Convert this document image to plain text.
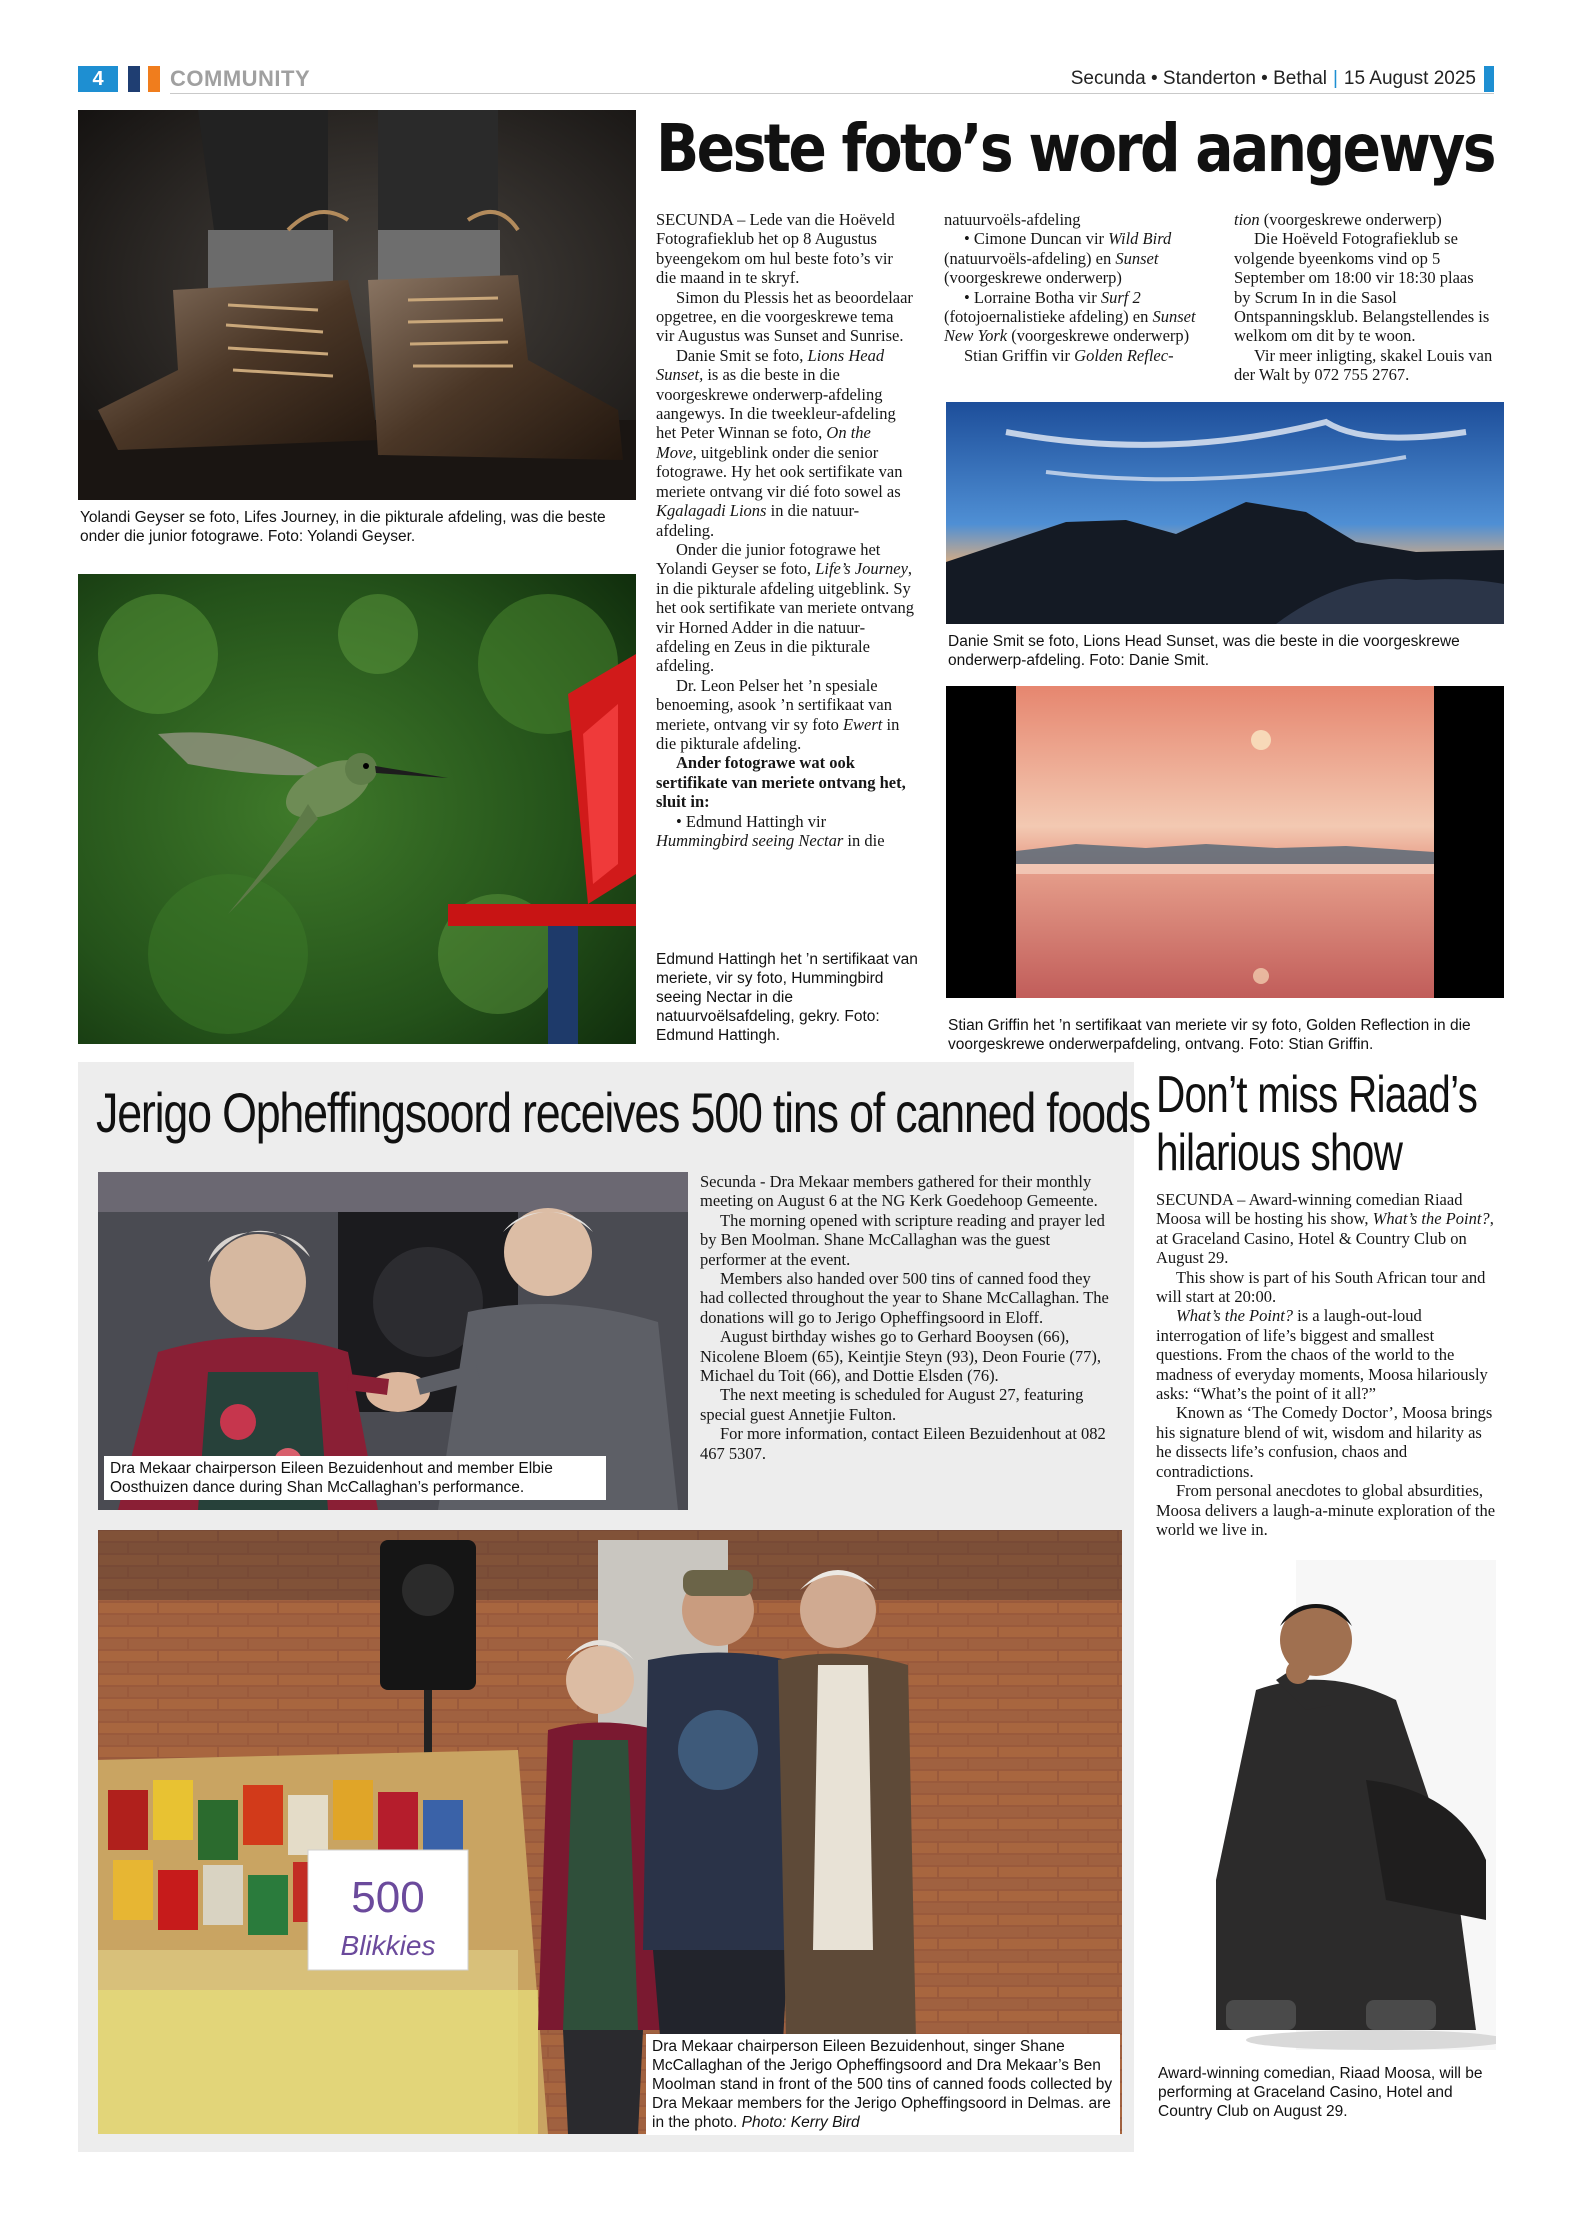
4	COMMUNITY	Secunda • Standerton • Bethal | 15 August 2025
Yolandi Geyser se foto, Lifes Journey, in die pikturale afdeling, was die beste onder die junior fotograwe. Foto: Yolandi Geyser.
Beste foto’s word aangewys

SECUNDA – Lede van die Hoëveld Fotografieklub het op 8 Augustus byeengekom om hul beste foto’s vir die maand in te skryf.

Simon du Plessis het as beoordelaar opgetree, en die voorgeskrewe tema vir Augustus was Sunset and Sunrise.

Danie Smit se foto, Lions Head Sunset, is as die beste in die voorgeskrewe onderwerp-afdeling aangewys. In die tweekleur-afdeling het Peter Winnan se foto, On the Move, uitgeblink onder die senior fotograwe. Hy het ook sertifikate van meriete ontvang vir dié foto sowel as Kgalagadi Lions in die natuur-afdeling.

Onder die junior fotograwe het Yolandi Geyser se foto, Life’s Journey, in die pikturale afdeling uitgeblink. Sy het ook sertifikate van meriete ontvang vir Horned Adder in die natuur-afdeling en Zeus in die pikturale afdeling.

Dr. Leon Pelser het ’n spesiale benoeming, asook ’n sertifikaat van meriete, ontvang vir sy foto Ewert in die pikturale afdeling.

Ander fotograwe wat ook sertifikate van meriete ontvang het, sluit in:

• Edmund Hattingh vir Hummingbird seeing Nectar in die

Edmund Hattingh het ’n sertifikaat van meriete, vir sy foto, Hummingbird seeing Nectar in die natuurvoëlsafdeling, gekry. Foto: Edmund Hattingh.

natuurvoëls-afdeling

• Cimone Duncan vir Wild Bird (natuurvoëls-afdeling) en Sunset (voorgeskrewe onderwerp)

• Lorraine Botha vir Surf 2 (fotojoernalistieke afdeling) en Sunset New York (voorgeskrewe onderwerp)

Stian Griffin vir Golden Reflec-

tion (voorgeskrewe onderwerp)

Die Hoëveld Fotografieklub se volgende byeenkoms vind op 5 September om 18:00 vir 18:30 plaas by Scrum In in die Sasol Ontspanningsklub. Belangstellendes is welkom om dit by te woon.

Vir meer inligting, skakel Louis van der Walt by 072 755 2767.

Danie Smit se foto, Lions Head Sunset, was die beste in die voorgeskrewe onderwerp-afdeling. Foto: Danie Smit.
Stian Griffin het ’n sertifikaat van meriete vir sy foto, Golden Reflection in die voorgeskrewe onderwerpafdeling, ontvang. Foto: Stian Griffin.
Jerigo Opheffingsoord receives 500 tins of canned foods
Dra Mekaar chairperson Eileen Bezuidenhout and member Elbie Oosthuizen dance during Shan McCallaghan’s performance.

Secunda - Dra Mekaar members gathered for their monthly meeting on August 6 at the NG Kerk Goedehoop Gemeente.

The morning opened with scripture reading and prayer led by Ben Moolman. Shane McCallaghan was the guest performer at the event.

Members also handed over 500 tins of canned food they had collected throughout the year to Shane McCallaghan. The donations will go to Jerigo Opheffingsoord in Eloff.

August birthday wishes go to Gerhard Booysen (66), Nicolene Bloem (65), Keintjie Steyn (93), Deon Fourie (77), Michael du Toit (66), and Dottie Elsden (76).

The next meeting is scheduled for August 27, featuring special guest Annetjie Fulton.

For more information, contact Eileen Bezuidenhout at 082 467 5307.

500
Blikkies
Dra Mekaar chairperson Eileen Bezuidenhout, singer Shane McCallaghan of the Jerigo Opheffingsoord and Dra Mekaar’s Ben Moolman stand in front of the 500 tins of canned foods collected by Dra Mekaar members for the Jerigo Opheffingsoord in Delmas. are in the photo. Photo: Kerry Bird
Don’t miss Riaad’s
hilarious show

SECUNDA – Award-winning comedian Riaad Moosa will be hosting his show, What’s the Point?, at Graceland Casino, Hotel & Country Club on August 29.

This show is part of his South African tour and will start at 20:00.

What’s the Point? is a laugh-out-loud interrogation of life’s biggest and smallest questions. From the chaos of the world to the madness of everyday moments, Moosa hilariously asks: “What’s the point of it all?”

Known as ‘The Comedy Doctor’, Moosa brings his signature blend of wit, wisdom and hilarity as he dissects life’s confusion, chaos and contradictions.

From personal anecdotes to global absurdities, Moosa delivers a laugh-a-minute exploration of the world we live in.

Award-winning comedian, Riaad Moosa, will be performing at Graceland Casino, Hotel and Country Club on August 29.
